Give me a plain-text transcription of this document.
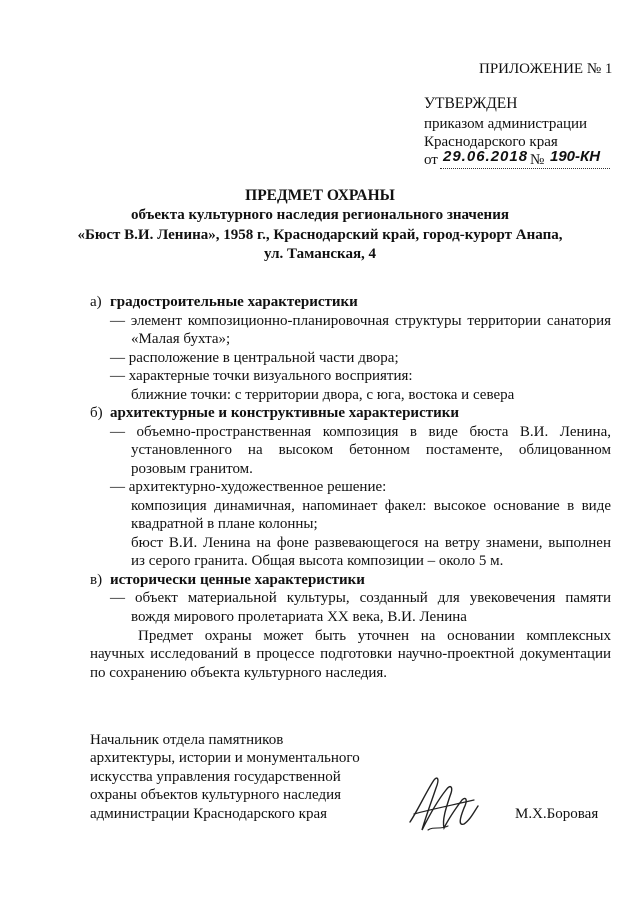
ПРИЛОЖЕНИЕ № 1
УТВЕРЖДЕН
приказом администрации
Краснодарского края
от 29.06.2018 № 190-КН
ПРЕДМЕТ ОХРАНЫ
объекта культурного наследия регионального значения
«Бюст В.И. Ленина», 1958 г., Краснодарский край, город-курорт Анапа,
ул. Таманская, 4
а) градостроительные характеристики
— элемент композиционно-планировочная структуры территории санатория
«Малая бухта»;
— расположение в центральной части двора;
— характерные точки визуального восприятия:
ближние точки: с территории двора, с юга, востока и севера
б) архитектурные и конструктивные характеристики
— объемно-пространственная композиция в виде бюста В.И. Ленина,
установленного на высоком бетонном постаменте, облицованном
розовым гранитом.
— архитектурно-художественное решение:
композиция динамичная, напоминает факел: высокое основание в виде
квадратной в плане колонны;
бюст В.И. Ленина на фоне развевающегося на ветру знамени, выполнен
из серого гранита. Общая высота композиции – около 5 м.
в) исторически ценные характеристики
— объект материальной культуры, созданный для увековечения памяти
вождя мирового пролетариата XX века, В.И. Ленина
Предмет охраны может быть уточнен на основании комплексных
научных исследований в процессе подготовки научно-проектной документации
по сохранению объекта культурного наследия.
Начальник отдела памятников
архитектуры, истории и монументального
искусства управления государственной
охраны объектов культурного наследия
администрации Краснодарского края	М.Х.Боровая
